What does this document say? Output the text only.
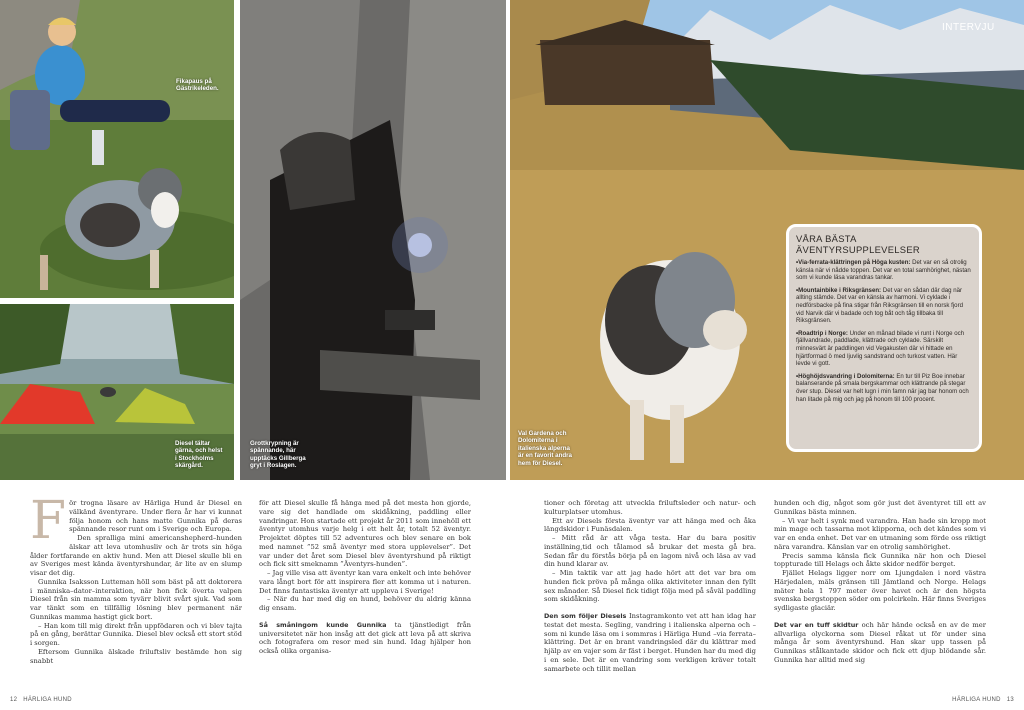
Fikapaus på
Gästrikeleden.
Diesel tältar
gärna, och helst
i Stockholms
skärgård.
Grottkrypning är
spännande, här
upptäcks Gillberga
gryt i Roslagen.
INTERVJU
Val Gardena och
Dolomiterna i
italienska alperna
är en favorit andra
hem för Diesel.
VÅRA BÄSTA ÄVENTYRSUPPLEVELSER
•Via-ferrata-klättringen på Höga kusten: Det var en så otrolig känsla när vi nådde toppen. Det var en total samhörighet, nästan som vi kunde läsa varandras tankar.
•Mountainbike i Riksgränsen: Det var en sådan där dag när allting stämde. Det var en känsla av harmoni. Vi cyklade i nedförsbacke på fina stigar från Riksgränsen till en norsk fjord vid Narvik där vi badade och tog båt och tåg tillbaka till Riksgränsen.
•Roadtrip i Norge: Under en månad bilade vi runt i Norge och fjällvandrade, paddlade, klättrade och cyklade. Särskilt minnesvärt är paddlingen vid Vegakusten där vi hittade en hjärtformad ö med ljuvlig sandstrand och turkost vatten. Här levde vi gott.
•Höghöjdsvandring i Dolomiterna: En tur till Piz Boe innebar balanserande på smala bergskammar och klättrande på stegar över stup. Diesel var helt lugn i min famn när jag bar honom och han litade på mig och jag på honom till 100 procent.
F ör trogna läsare av Härliga Hund är Diesel en välkänd äventyrare. Under flera år har vi kunnat följa honom och hans matte Gunnika på deras spännande resor runt om i Sverige och Europa.

Den spralliga mini americanshepherd–hunden älskar att leva utomhusliv och är trots sin höga ålder fortfarande en aktiv hund. Men att Diesel skulle bli en av Sveriges mest kända äventyrshundar, är lite av en slump visar det dig.

Gunnika Isaksson Lutteman höll som bäst på att doktorera i människa–dator–interaktion, när hon fick överta valpen Diesel från sin mamma som tyvärr blivit svårt sjuk. Vad som var tänkt som en tillfällig lösning blev permanent när Gunnikas mamma hastigt gick bort.

– Han kom till mig direkt från uppfödaren och vi blev tajta på en gång, berättar Gunnika. Diesel blev också ett stort stöd i sorgen.

Eftersom Gunnika älskade friluftsliv bestämde hon sig snabbt

för att Diesel skulle få hänga med på det mesta hon gjorde, vare sig det handlade om skidåkning, paddling eller vandringar. Hon startade ett projekt år 2011 som innehöll ett äventyr utomhus varje helg i ett helt år, totalt 52 äventyr. Projektet döptes till 52 adventures och blev senare en bok med namnet ”52 små äventyr med stora upplevelser”. Det var under det året som Diesel blev äventyrshund på riktigt och fick sitt smeknamn ”Äventyrs-hunden”.

– Jag ville visa att äventyr kan vara enkelt och inte behöver vara långt bort för att inspirera fler att komma ut i naturen. Det finns fantastiska äventyr att uppleva i Sverige!

– När du har med dig en hund, behöver du aldrig känna dig ensam.

Så småningom kunde Gunnika ta tjänstledigt från universitetet när hon insåg att det gick att leva på att skriva och fotografera om resor med sin hund. Idag hjälper hon också olika organisa-

tioner och företag att utveckla friluftsleder och natur- och kulturplatser utomhus.

Ett av Diesels första äventyr var att hänga med och åka längdskidor i Funäsdalen.

– Mitt råd är att våga testa. Har du bara positiv inställning,tid och tålamod så brukar det mesta gå bra. Sedan får du förstås börja på en lagom nivå och läsa av vad din hund klarar av.

– Min taktik var att jag hade hört att det var bra om hunden fick pröva på många olika aktiviteter innan den fyllt sex månader. Så Diesel fick tidigt följa med på såväl paddling som skidåkning.

Den som följer Diesels Instagramkonto vet att han idag har testat det mesta. Segling, vandring i italienska alperna och – som ni kunde läsa om i sommras i Härliga Hund –via ferrata–klättring. Det är en brant vandringsled där du klättrar med hjälp av en vajer som är fäst i berget. Hunden har du med dig i en sele. Det är en vandring som verkligen kräver totalt samarbete och tillit mellan

hunden och dig, något som gör just det äventyret till ett av Gunnikas bästa minnen.

– Vi var helt i synk med varandra. Han hade sin kropp mot min mage och tassarna mot klipporna, och det kändes som vi var en enda enhet. Det var en utmaning som förde oss riktigt nära varandra. Känslan var en otrolig samhörighet.

Precis samma känsla fick Gunnika när hon och Diesel toppturade till Helags och åkte skidor nedför berget.

Fjället Helags ligger norr om Ljungdalen i nord västra Härjedalen, mäls gränsen till Jämtland och Norge. Helags mäter hela 1 797 meter över havet och är den högsta svenska bergstoppen söder om polcirkeln. Här finns Sveriges sydligaste glaciär.

Det var en tuff skidtur och här hände också en av de mer allvarliga olyckorna som Diesel råkat ut för under sina många år som äventyrshund. Han skar upp tassen på Gunnikas stålkantade skidor och fick ett djup blödande sår. Gunnika har alltid med sig

12 HÄRLIGA HUND	HÄRLIGA HUND 13
